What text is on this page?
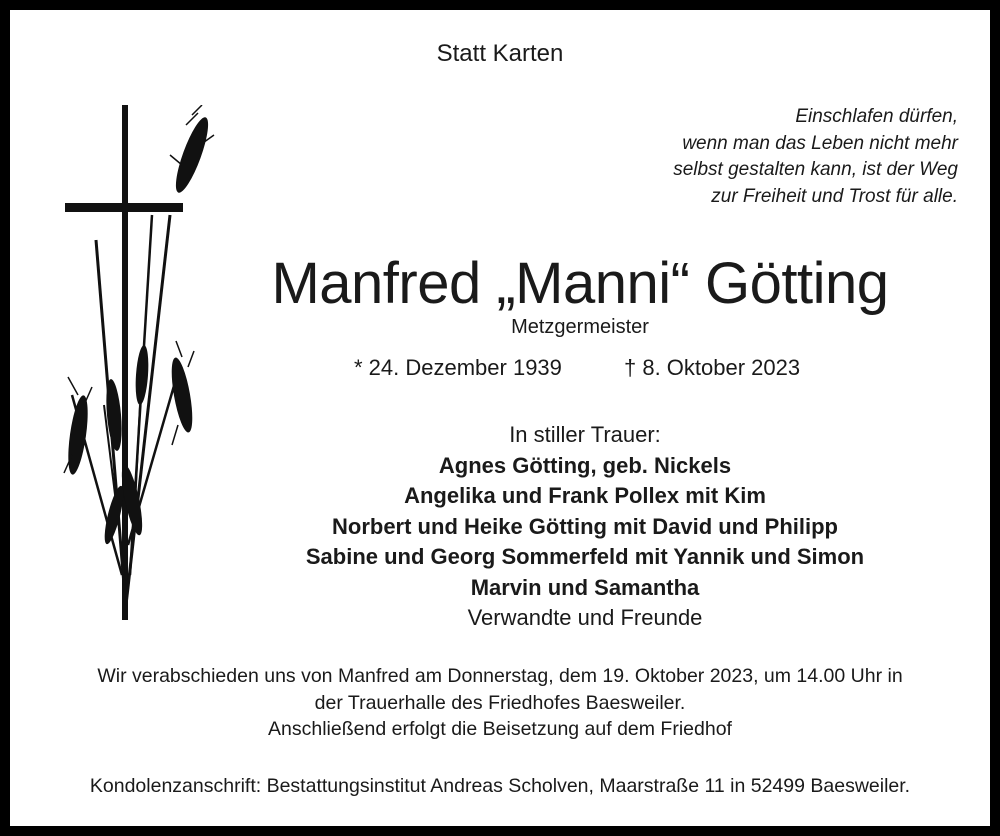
Statt Karten
Einschlafen dürfen,
wenn man das Leben nicht mehr
selbst gestalten kann, ist der Weg
zur Freiheit und Trost für alle.
Manfred „Manni“ Götting
Metzgermeister
* 24. Dezember 1939	† 8. Oktober 2023
In stiller Trauer:
Agnes Götting, geb. Nickels
Angelika und Frank Pollex mit Kim
Norbert und Heike Götting mit David und Philipp
Sabine und Georg Sommerfeld mit Yannik und Simon
Marvin und Samantha
Verwandte und Freunde
Wir verabschieden uns von Manfred am Donnerstag, dem 19. Oktober 2023, um 14.00 Uhr in
der Trauerhalle des Friedhofes Baesweiler.
Anschließend erfolgt die Beisetzung auf dem Friedhof
Kondolenzanschrift: Bestattungsinstitut Andreas Scholven, Maarstraße 11 in 52499 Baesweiler.
